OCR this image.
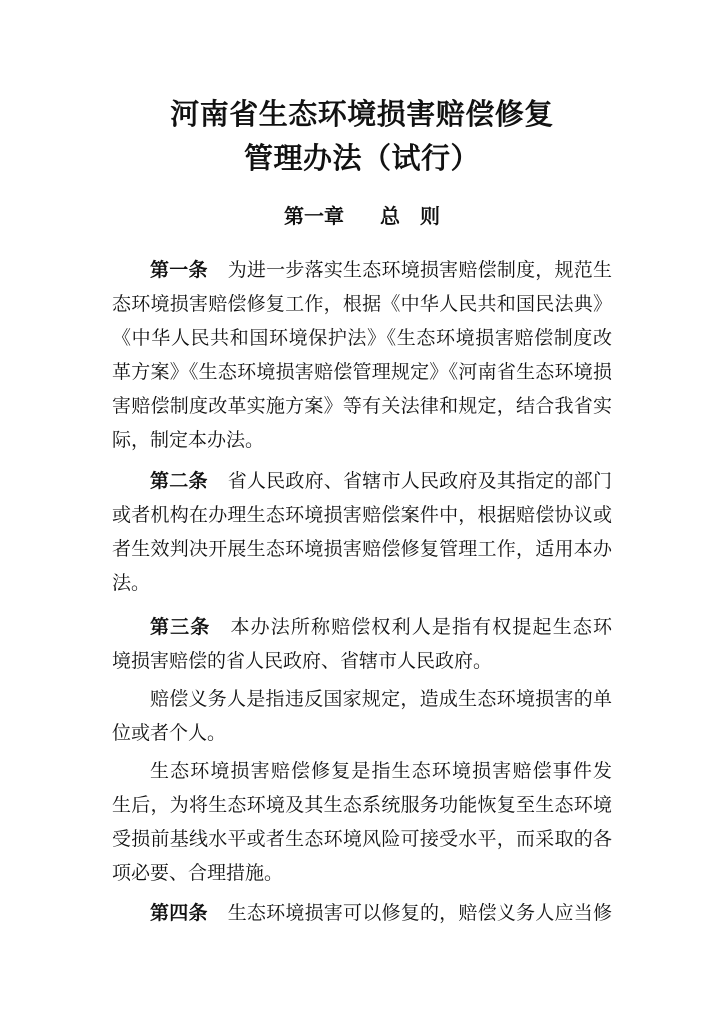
河南省生态环境损害赔偿修复
管理办法（试行）
第一章 总　则
第一条 为进一步落实生态环境损害赔偿制度，规范生
态环境损害赔偿修复工作，根据《中华人民共和国民法典》
《中华人民共和国环境保护法》《生态环境损害赔偿制度改
革方案》《生态环境损害赔偿管理规定》《河南省生态环境损
害赔偿制度改革实施方案》等有关法律和规定，结合我省实
际，制定本办法。
第二条 省人民政府、省辖市人民政府及其指定的部门
或者机构在办理生态环境损害赔偿案件中，根据赔偿协议或
者生效判决开展生态环境损害赔偿修复管理工作，适用本办
法。
第三条 本办法所称赔偿权利人是指有权提起生态环
境损害赔偿的省人民政府、省辖市人民政府。
赔偿义务人是指违反国家规定，造成生态环境损害的单
位或者个人。
生态环境损害赔偿修复是指生态环境损害赔偿事件发
生后，为将生态环境及其生态系统服务功能恢复至生态环境
受损前基线水平或者生态环境风险可接受水平，而采取的各
项必要、合理措施。
第四条 生态环境损害可以修复的，赔偿义务人应当修
